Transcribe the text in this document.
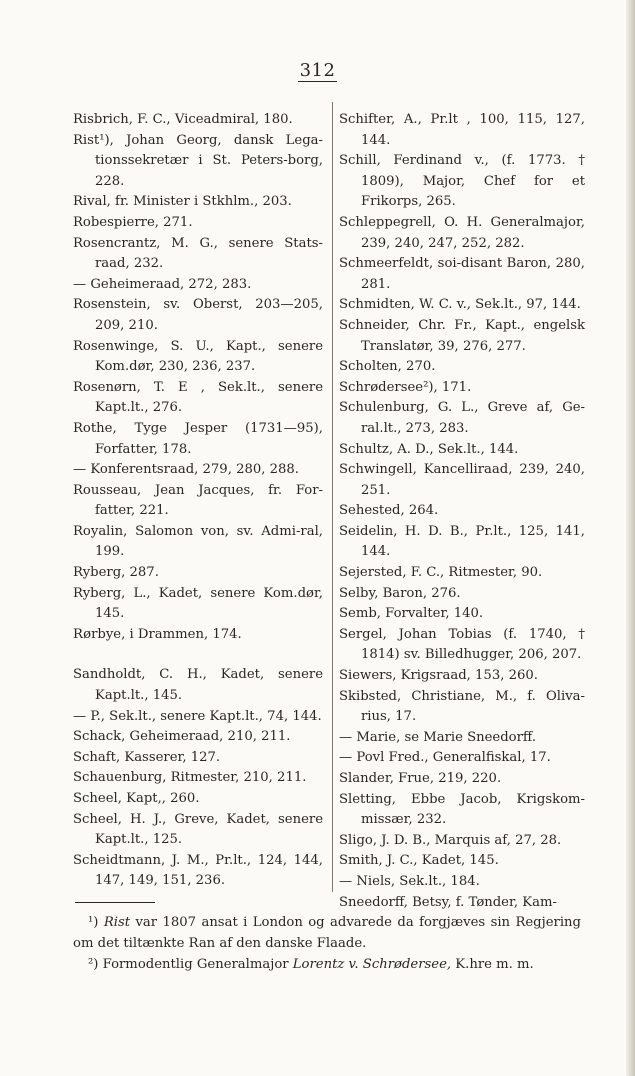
312
Risbrich, F. C., Viceadmiral, 180.
Rist¹), Johan Georg, dansk Lega-tionssekretær i St. Peters-borg, 228.
Rival, fr. Minister i Stkhlm., 203.
Robespierre, 271.
Rosencrantz, M. G., senere Stats-raad, 232.
— Geheimeraad, 272, 283.
Rosenstein, sv. Oberst, 203—205, 209, 210.
Rosenwinge, S. U., Kapt., senere Kom.dør, 230, 236, 237.
Rosenørn, T. E , Sek.lt., senere Kapt.lt., 276.
Rothe, Tyge Jesper (1731—95), Forfatter, 178.
— Konferentsraad, 279, 280, 288.
Rousseau, Jean Jacques, fr. For-fatter, 221.
Royalin, Salomon von, sv. Admi-ral, 199.
Ryberg, 287.
Ryberg, L., Kadet, senere Kom.dør, 145.
Rørbye, i Drammen, 174.
Sandholdt, C. H., Kadet, senere Kapt.lt., 145.
— P., Sek.lt., senere Kapt.lt., 74, 144.
Schack, Geheimeraad, 210, 211.
Schaft, Kasserer, 127.
Schauenburg, Ritmester, 210, 211.
Scheel, Kapt,, 260.
Scheel, H. J., Greve, Kadet, senere Kapt.lt., 125.
Scheidtmann, J. M., Pr.lt., 124, 144, 147, 149, 151, 236.
Schifter, A., Pr.lt , 100, 115, 127, 144.
Schill, Ferdinand v., (f. 1773. † 1809), Major, Chef for et Frikorps, 265.
Schleppegrell, O. H. Generalmajor, 239, 240, 247, 252, 282.
Schmeerfeldt, soi-disant Baron, 280, 281.
Schmidten, W. C. v., Sek.lt., 97, 144.
Schneider, Chr. Fr., Kapt., engelsk Translatør, 39, 276, 277.
Scholten, 270.
Schrødersee²), 171.
Schulenburg, G. L., Greve af, Ge-ral.lt., 273, 283.
Schultz, A. D., Sek.lt., 144.
Schwingell, Kancelliraad, 239, 240, 251.
Sehested, 264.
Seidelin, H. D. B., Pr.lt., 125, 141, 144.
Sejersted, F. C., Ritmester, 90.
Selby, Baron, 276.
Semb, Forvalter, 140.
Sergel, Johan Tobias (f. 1740, † 1814) sv. Billedhugger, 206, 207.
Siewers, Krigsraad, 153, 260.
Skibsted, Christiane, M., f. Oliva-rius, 17.
— Marie, se Marie Sneedorff.
— Povl Fred., Generalfiskal, 17.
Slander, Frue, 219, 220.
Sletting, Ebbe Jacob, Krigskom-missær, 232.
Sligo, J. D. B., Marquis af, 27, 28.
Smith, J. C., Kadet, 145.
— Niels, Sek.lt., 184.
Sneedorff, Betsy, f. Tønder, Kam-
¹) Rist var 1807 ansat i London og advarede da forgjæves sin Regjering om det tiltænkte Ran af den danske Flaade.
²) Formodentlig Generalmajor Lorentz v. Schrødersee, K.hre m. m.
